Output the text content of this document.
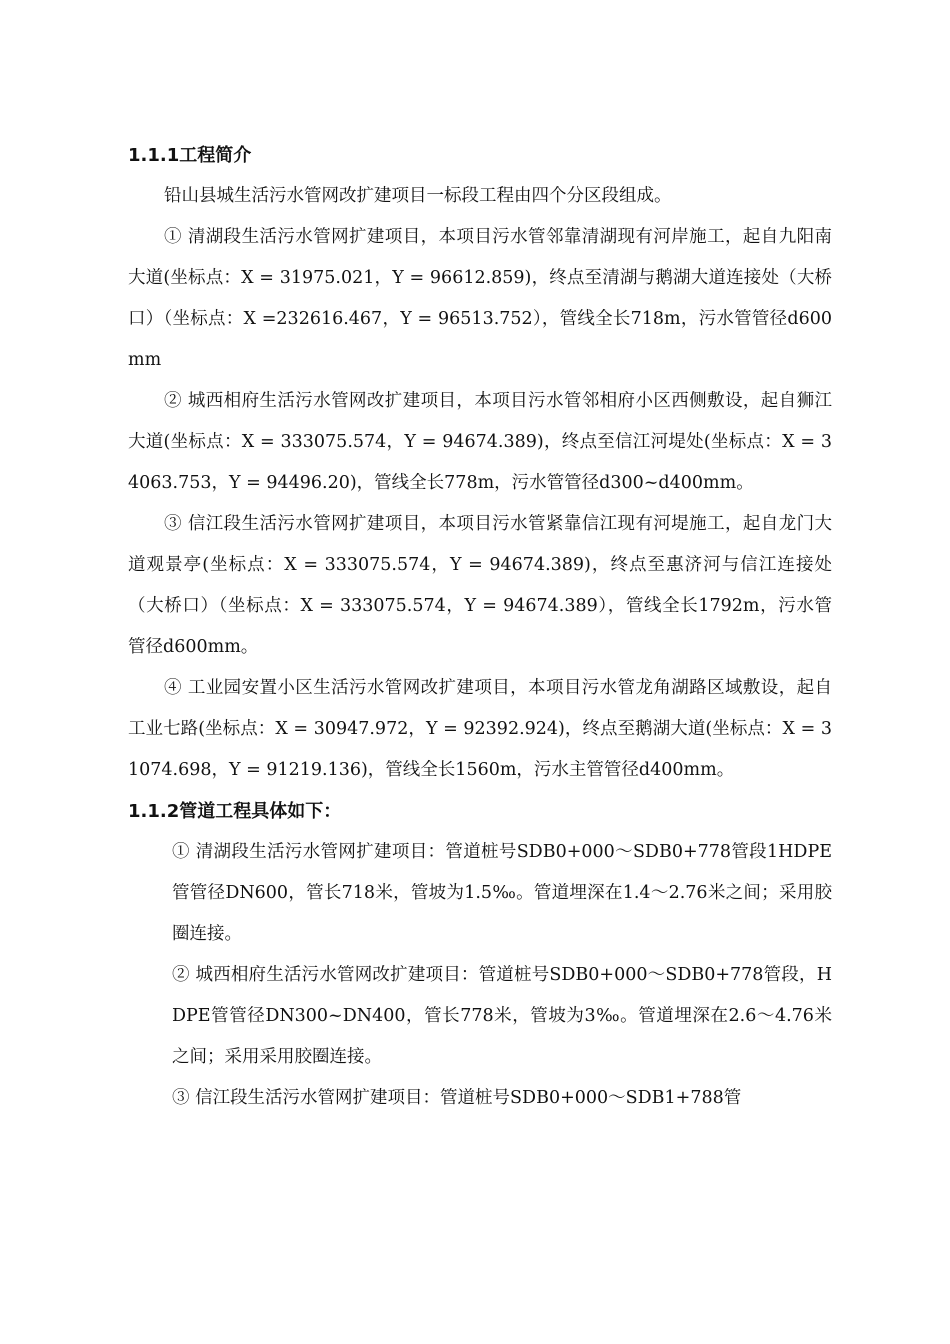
1.1.1工程简介

铅山县城生活污水管网改扩建项目一标段工程由四个分区段组成。

① 清湖段生活污水管网扩建项目，本项目污水管邻靠清湖现有河岸施工，起自九阳南大道(坐标点：X = 31975.021，Y = 96612.859)，终点至清湖与鹅湖大道连接处（大桥口）（坐标点：X =232616.467，Y = 96513.752），管线全长718m，污水管管径d600mm

② 城西相府生活污水管网改扩建项目，本项目污水管邻相府小区西侧敷设，起自狮江大道(坐标点：X = 333075.574，Y = 94674.389)，终点至信江河堤处(坐标点：X = 34063.753，Y = 94496.20)，管线全长778m，污水管管径d300~d400mm。

③ 信江段生活污水管网扩建项目，本项目污水管紧靠信江现有河堤施工，起自龙门大道观景亭(坐标点：X = 333075.574，Y = 94674.389)，终点至惠济河与信江连接处（大桥口）（坐标点：X = 333075.574，Y = 94674.389），管线全长1792m，污水管管径d600mm。

④ 工业园安置小区生活污水管网改扩建项目，本项目污水管龙角湖路区域敷设，起自工业七路(坐标点：X = 30947.972，Y = 92392.924)，终点至鹅湖大道(坐标点：X = 31074.698，Y = 91219.136)，管线全长1560m，污水主管管径d400mm。

1.1.2管道工程具体如下：

① 清湖段生活污水管网扩建项目：管道桩号SDB0+000～SDB0+778管段1HDPE管管径DN600，管长718米，管坡为1.5‰。管道埋深在1.4～2.76米之间；采用胶圈连接。

② 城西相府生活污水管网改扩建项目：管道桩号SDB0+000～SDB0+778管段，HDPE管管径DN300~DN400，管长778米，管坡为3‰。管道埋深在2.6～4.76米之间；采用采用胶圈连接。

③ 信江段生活污水管网扩建项目：管道桩号SDB0+000～SDB1+788管
